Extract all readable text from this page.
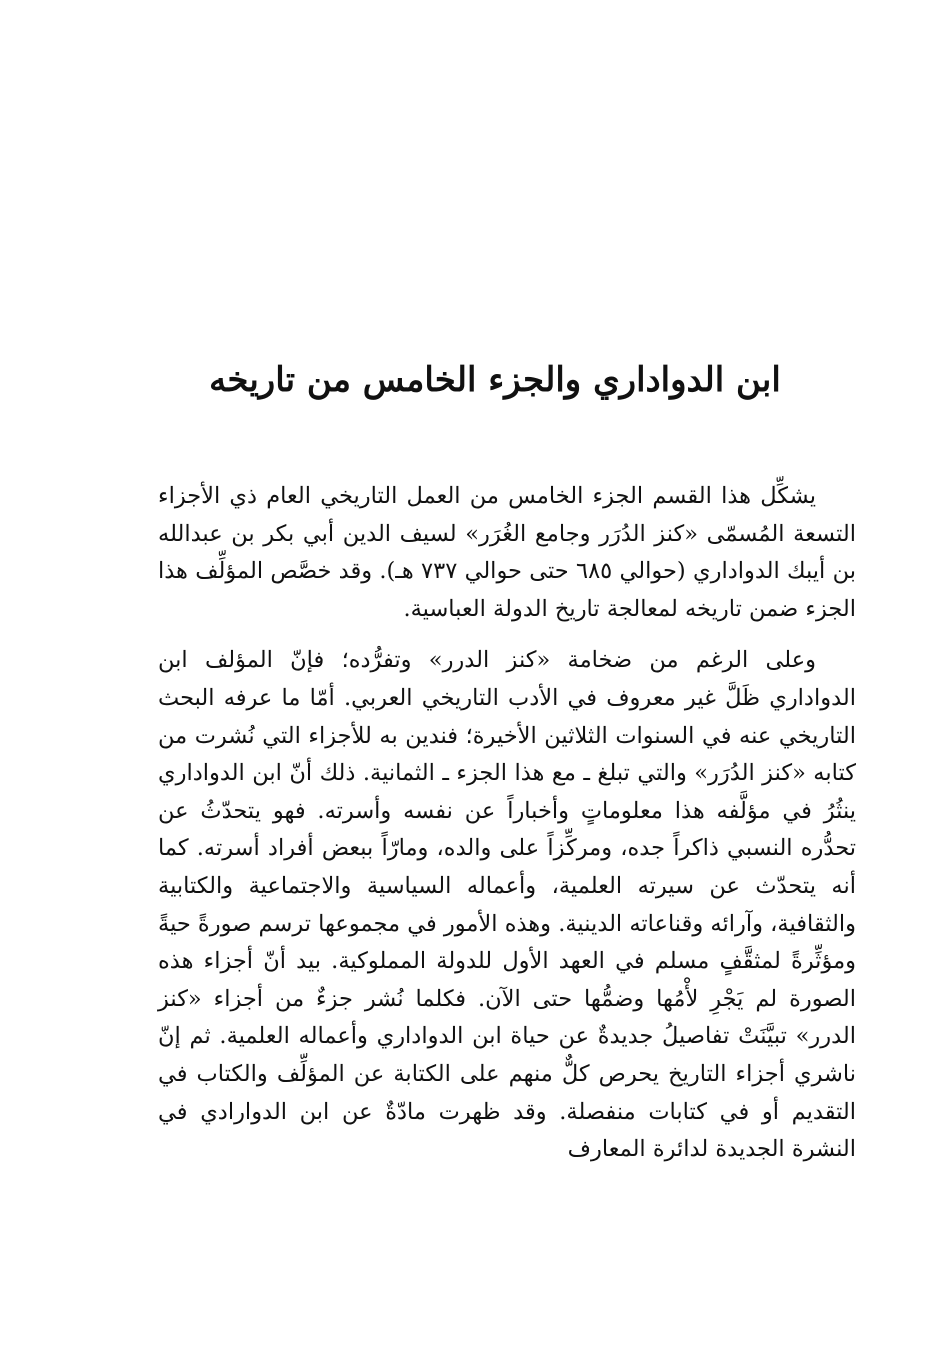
ابن الدواداري والجزء الخامس من تاريخه

يشكِّل هذا القسم الجزء الخامس من العمل التاريخي العام ذي الأجزاء التسعة المُسمّى «كنز الدُرَر وجامع الغُرَر» لسيف الدين أبي بكر بن عبدالله بن أيبك الدواداري (حوالي ٦٨٥ حتى حوالي ٧٣٧ هـ). وقد خصَّص المؤلِّف هذا الجزء ضمن تاريخه لمعالجة تاريخ الدولة العباسية.

وعلى الرغم من ضخامة «كنز الدرر» وتفرُّده؛ فإنّ المؤلف ابن الدواداري ظَلَّ غير معروف في الأدب التاريخي العربي. أمّا ما عرفه البحث التاريخي عنه في السنوات الثلاثين الأخيرة؛ فندين به للأجزاء التي نُشرت من كتابه «كنز الدُرَر» والتي تبلغ ـ مع هذا الجزء ـ الثمانية. ذلك أنّ ابن الدواداري ينثُرُ في مؤلَّفه هذا معلوماتٍ وأخباراً عن نفسه وأسرته. فهو يتحدّثُ عن تحدُّره النسبي ذاكراً جده، ومركِّزاً على والده، ومارّاً ببعض أفراد أسرته. كما أنه يتحدّث عن سيرته العلمية، وأعماله السياسية والاجتماعية والكتابية والثقافية، وآرائه وقناعاته الدينية. وهذه الأمور في مجموعها ترسم صورةً حيةً ومؤثِّرةً لمثقَّفٍ مسلم في العهد الأول للدولة المملوكية. بيد أنّ أجزاء هذه الصورة لم يَجْرِ لأْمُها وضمُّها حتى الآن. فكلما نُشر جزءٌ من أجزاء «كنز الدرر» تبيَّنَتْ تفاصيلُ جديدةٌ عن حياة ابن الدواداري وأعماله العلمية. ثم إنّ ناشري أجزاء التاريخ يحرص كلٌّ منهم على الكتابة عن المؤلِّف والكتاب في التقديم أو في كتابات منفصلة. وقد ظهرت مادّةٌ عن ابن الدوارادي في النشرة الجديدة لدائرة المعارف
